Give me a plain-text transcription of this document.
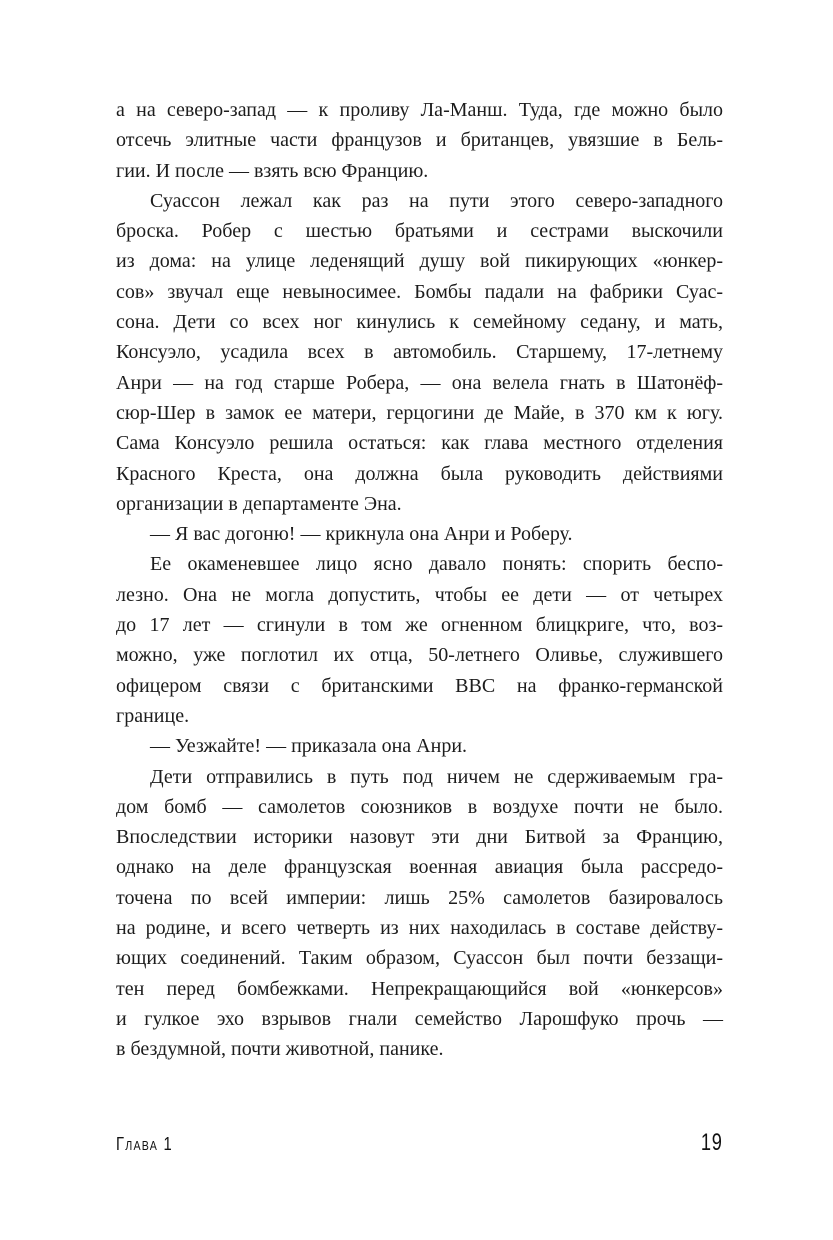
а на северо-запад — к проливу Ла-Манш. Туда, где можно было
отсечь элитные части французов и британцев, увязшие в Бель-
гии. И после — взять всю Францию.
Суассон лежал как раз на пути этого северо-западного
броска. Робер с шестью братьями и сестрами выскочили
из дома: на улице леденящий душу вой пикирующих «юнкер-
сов» звучал еще невыносимее. Бомбы падали на фабрики Суас-
сона. Дети со всех ног кинулись к семейному седану, и мать,
Консуэло, усадила всех в автомобиль. Старшему, 17-летнему
Анри — на год старше Робера, — она велела гнать в Шатонёф-
сюр-Шер в замок ее матери, герцогини де Майе, в 370 км к югу.
Сама Консуэло решила остаться: как глава местного отделения
Красного Креста, она должна была руководить действиями
организации в департаменте Эна.
— Я вас догоню! — крикнула она Анри и Роберу.
Ее окаменевшее лицо ясно давало понять: спорить беспо-
лезно. Она не могла допустить, чтобы ее дети — от четырех
до 17 лет — сгинули в том же огненном блицкриге, что, воз-
можно, уже поглотил их отца, 50-летнего Оливье, служившего
офицером связи с британскими ВВС на франко-германской
границе.
— Уезжайте! — приказала она Анри.
Дети отправились в путь под ничем не сдерживаемым гра-
дом бомб — самолетов союзников в воздухе почти не было.
Впоследствии историки назовут эти дни Битвой за Францию,
однако на деле французская военная авиация была рассредо-
точена по всей империи: лишь 25% самолетов базировалось
на родине, и всего четверть из них находилась в составе действу-
ющих соединений. Таким образом, Суассон был почти беззащи-
тен перед бомбежками. Непрекращающийся вой «юнкерсов»
и гулкое эхо взрывов гнали семейство Ларошфуко прочь —
в бездумной, почти животной, панике.
Глава 1	19
